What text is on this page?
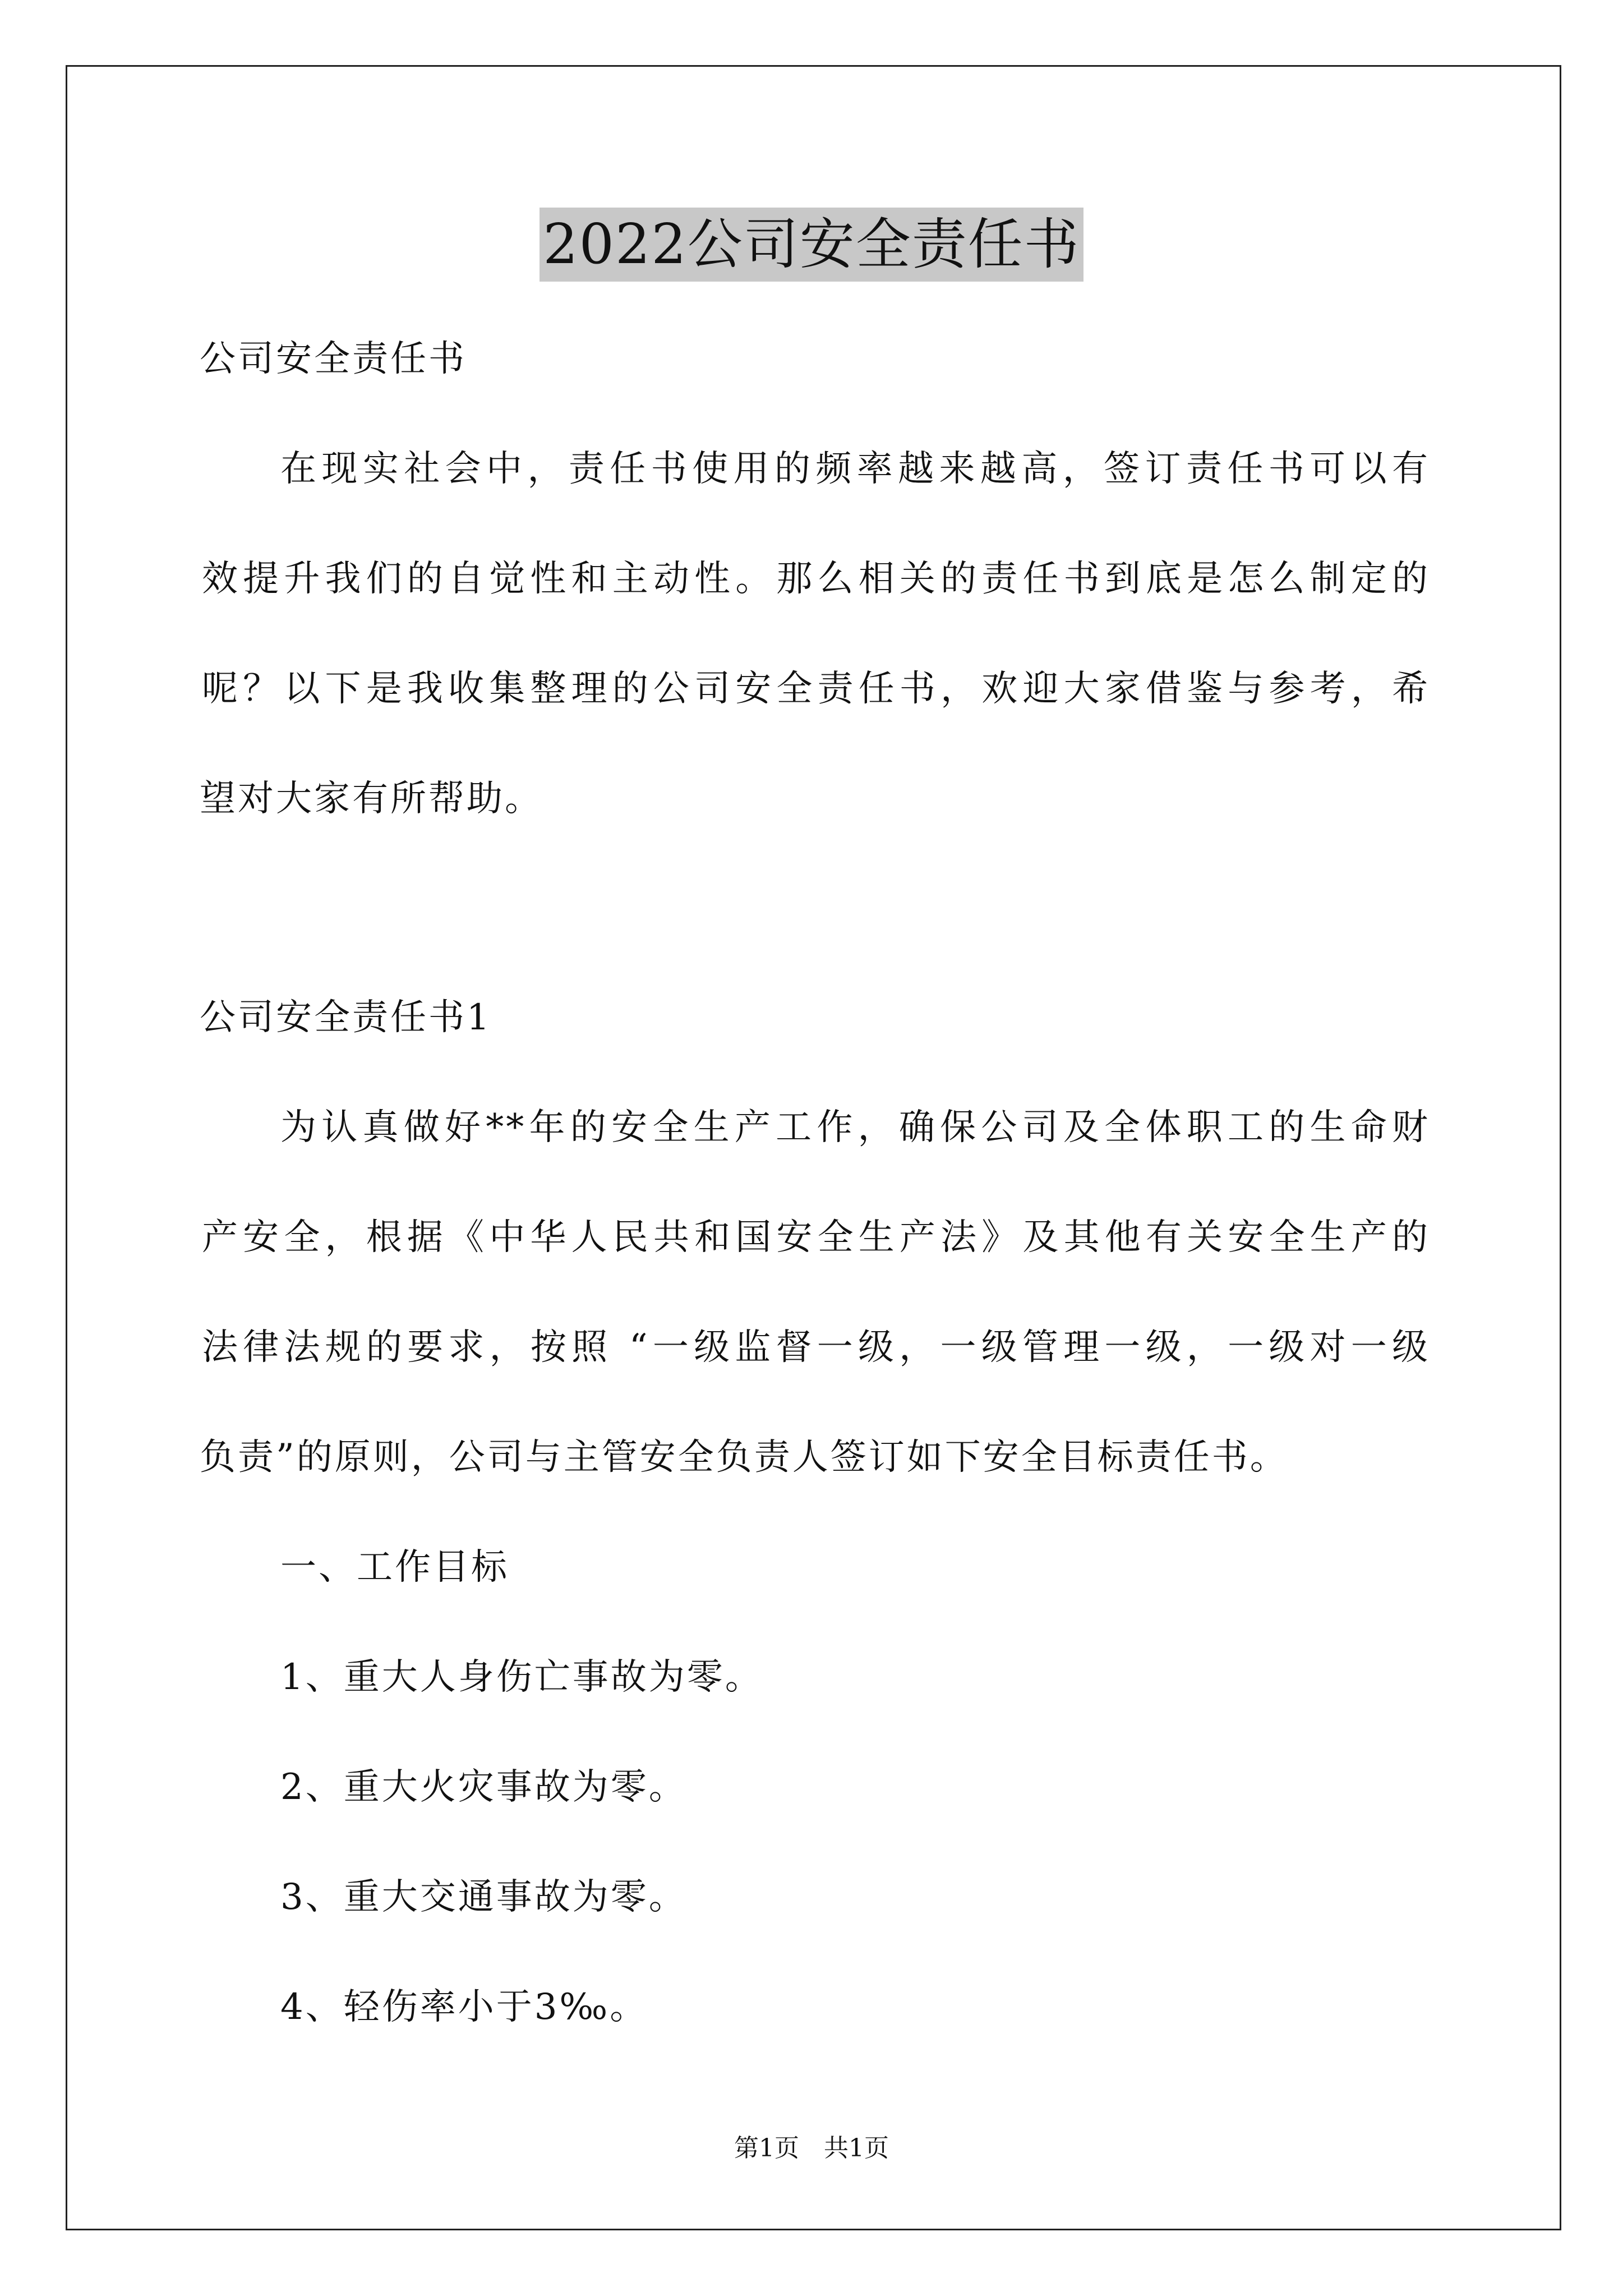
2022公司安全责任书
公司安全责任书
在现实社会中，责任书使用的频率越来越高，签订责任书可以有
效提升我们的自觉性和主动性。那么相关的责任书到底是怎么制定的
呢？以下是我收集整理的公司安全责任书，欢迎大家借鉴与参考，希
望对大家有所帮助。
公司安全责任书1
为认真做好**年的安全生产工作，确保公司及全体职工的生命财
产安全，根据《中华人民共和国安全生产法》及其他有关安全生产的
法律法规的要求，按照 “一级监督一级，一级管理一级，一级对一级
负责”的原则，公司与主管安全负责人签订如下安全目标责任书。
一、工作目标
1、重大人身伤亡事故为零。
2、重大火灾事故为零。
3、重大交通事故为零。
4、轻伤率小于3‰。
第1页　共1页
